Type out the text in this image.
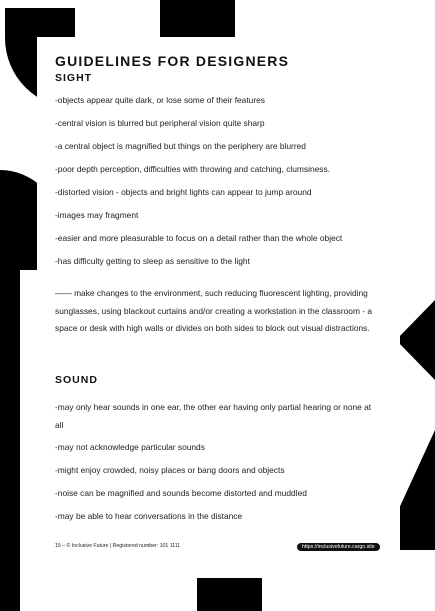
GUIDELINES FOR DESIGNERS
SIGHT

-objects appear quite dark, or lose some of their features

-central vision is blurred but peripheral vision quite sharp

-a central object is magnified but things on the periphery are blurred

-poor depth perception, difficulties with throwing and catching, clumsiness.

-distorted vision - objects and bright lights can appear to jump around

-images may fragment

-easier and more pleasurable to focus on a detail rather than the whole object

-has difficulty getting to sleep as sensitive to the light

—— make changes to the environment, such reducing fluorescent lighting, providing sunglasses, using blackout curtains and/or creating a workstation in the classroom - a space or desk with high walls or divides on both sides to block out visual distractions.

SOUND

-may only hear sounds in one ear, the other ear having only partial hearing or none at all

-may not acknowledge particular sounds

-might enjoy crowded, noisy places or bang doors and objects

-noise can be magnified and sounds become distorted and muddled

-may be able to hear conversations in the distance

15 – © Inclusive Future | Registered number: 101 1111	https://inclusivefuture.cargo.site
